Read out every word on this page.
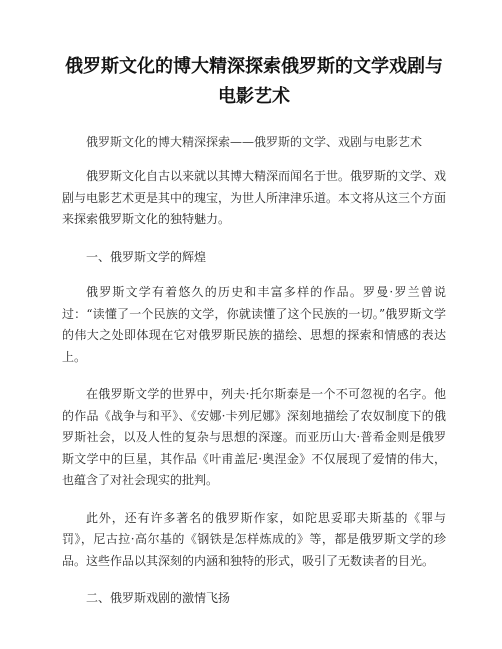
俄罗斯文化的博大精深探索俄罗斯的文学戏剧与电影艺术

俄罗斯文化的博大精深探索——俄罗斯的文学、戏剧与电影艺术

俄罗斯文化自古以来就以其博大精深而闻名于世。俄罗斯的文学、戏剧与电影艺术更是其中的瑰宝，为世人所津津乐道。本文将从这三个方面来探索俄罗斯文化的独特魅力。

一、俄罗斯文学的辉煌

俄罗斯文学有着悠久的历史和丰富多样的作品。罗曼·罗兰曾说过：“读懂了一个民族的文学，你就读懂了这个民族的一切。”俄罗斯文学的伟大之处即体现在它对俄罗斯民族的描绘、思想的探索和情感的表达上。

在俄罗斯文学的世界中，列夫·托尔斯泰是一个不可忽视的名字。他的作品《战争与和平》、《安娜·卡列尼娜》深刻地描绘了农奴制度下的俄罗斯社会，以及人性的复杂与思想的深邃。而亚历山大·普希金则是俄罗斯文学中的巨星，其作品《叶甫盖尼·奥涅金》不仅展现了爱情的伟大，也蕴含了对社会现实的批判。

此外，还有许多著名的俄罗斯作家，如陀思妥耶夫斯基的《罪与罚》，尼古拉·高尔基的《钢铁是怎样炼成的》等，都是俄罗斯文学的珍品。这些作品以其深刻的内涵和独特的形式，吸引了无数读者的目光。

二、俄罗斯戏剧的激情飞扬
